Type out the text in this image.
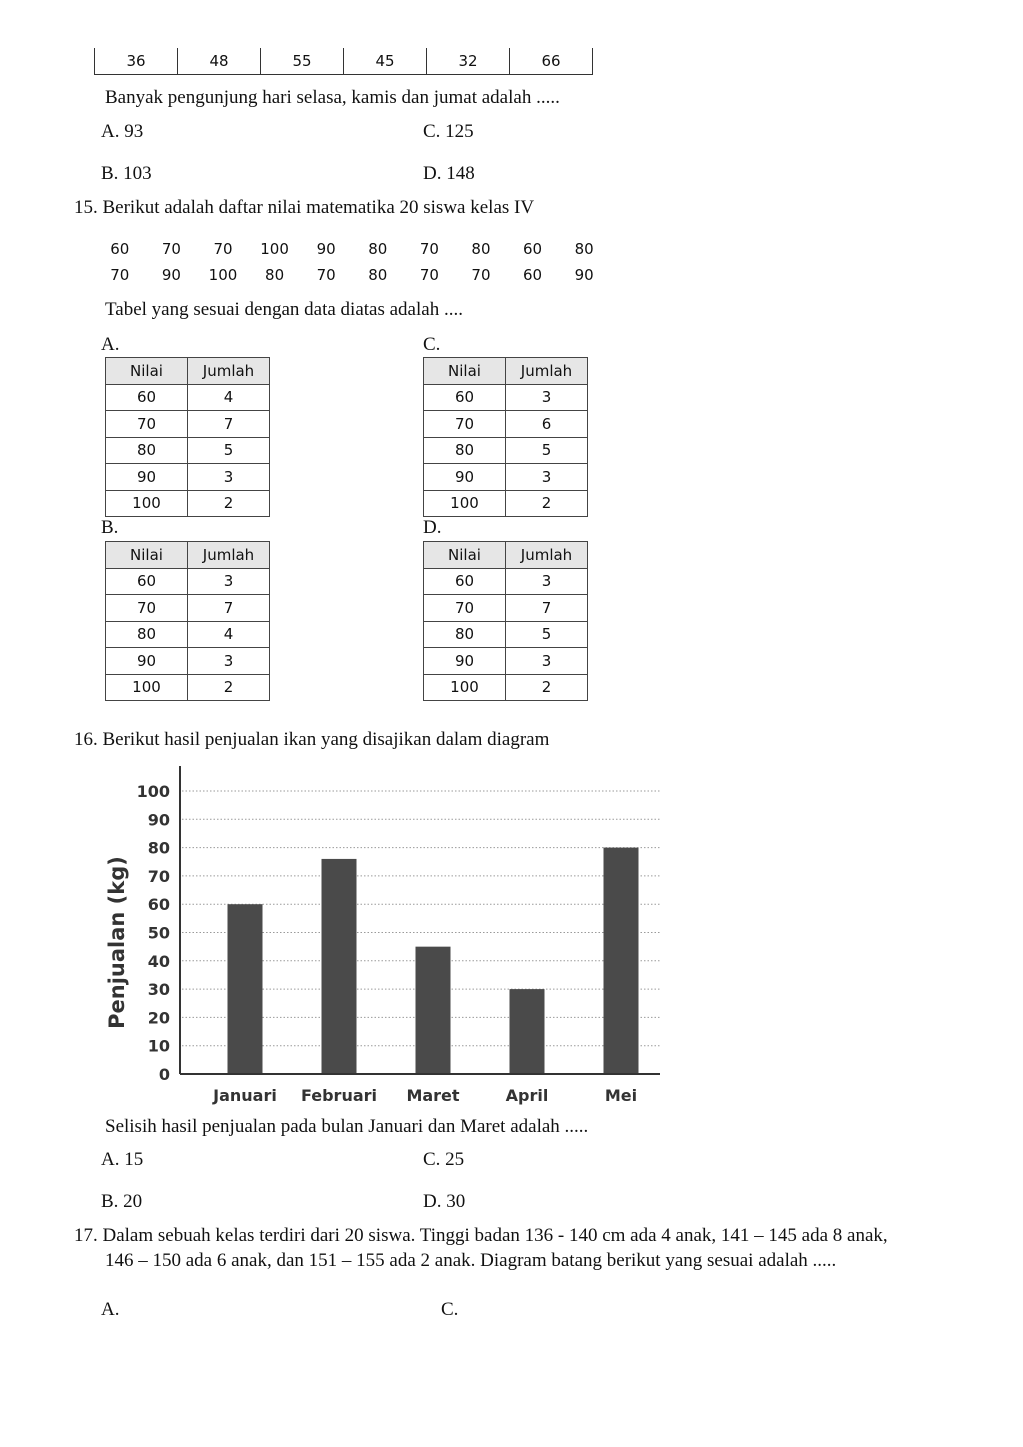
36	48	55	45	32	66
Banyak pengunjung hari selasa, kamis dan jumat adalah .....
A. 93	C. 125
B. 103	D. 148
15. Berikut adalah daftar nilai matematika 20 siswa kelas IV
60	70	70	100	90	80	70	80	60	80
70	90	100	80	70	80	70	70	60	90
Tabel yang sesuai dengan data diatas adalah ....
A.	C.
B.	D.
Nilai	Jumlah
60	4
70	7
80	5
90	3
100	2
Nilai	Jumlah
60	3
70	6
80	5
90	3
100	2
Nilai	Jumlah
60	3
70	7
80	4
90	3
100	2
Nilai	Jumlah
60	3
70	7
80	5
90	3
100	2
16. Berikut hasil penjualan ikan yang disajikan dalam diagram
0
10
20
30
40
50
60
70
80
90
100
Januari Februari Maret	April	Mei
Penjualan (kg)
Selisih hasil penjualan pada bulan Januari dan Maret adalah .....
A. 15	C. 25
B. 20	D. 30
17. Dalam sebuah kelas terdiri dari 20 siswa. Tinggi badan 136 - 140 cm ada 4 anak, 141 – 145 ada 8 anak,
146 – 150 ada 6 anak, dan 151 – 155 ada 2 anak. Diagram batang berikut yang sesuai adalah .....
A.	C.
